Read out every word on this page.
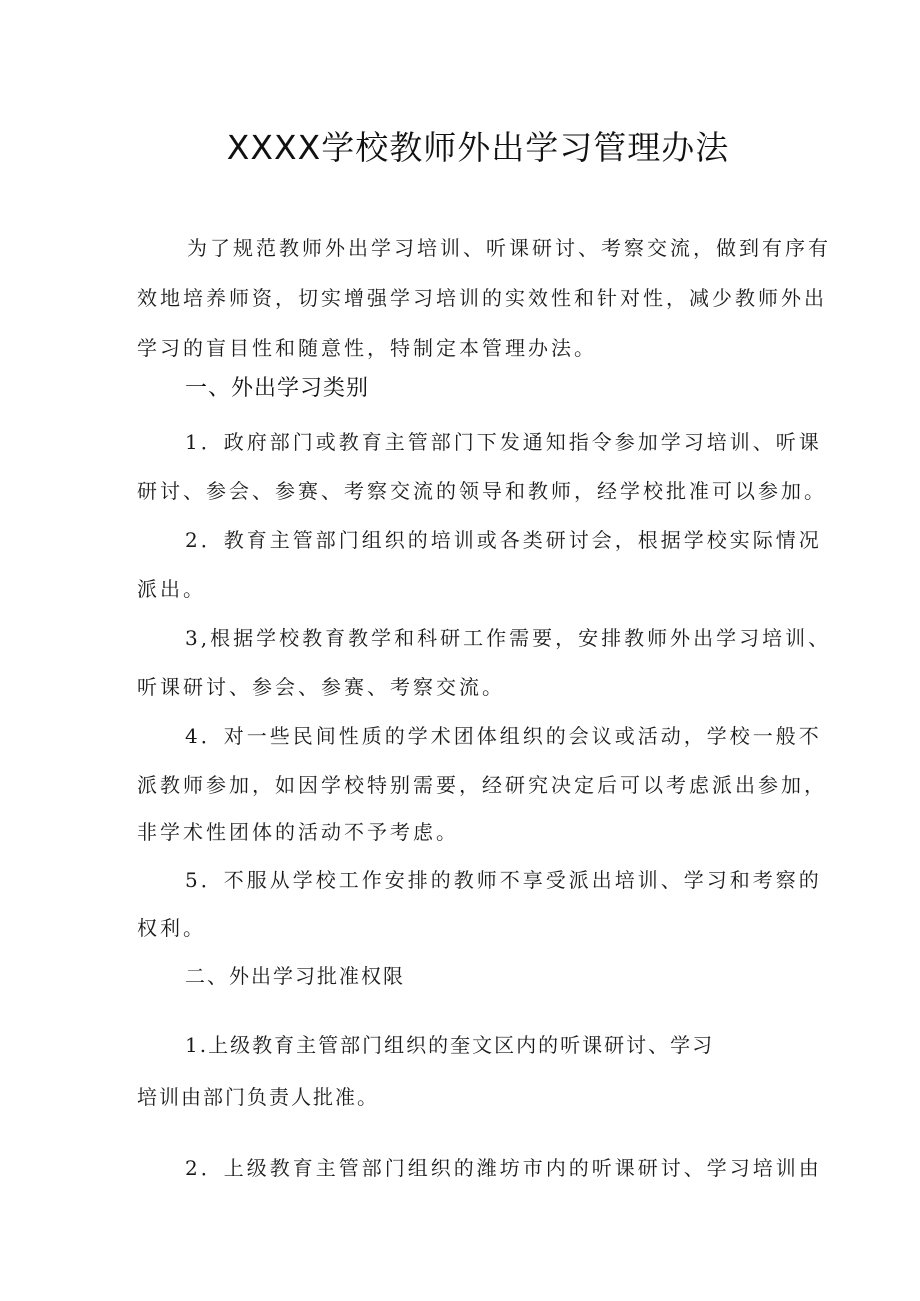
XXXX学校教师外出学习管理办法
为了规范教师外出学习培训、听课研讨、考察交流，做到有序有
效地培养师资，切实增强学习培训的实效性和针对性，减少教师外出
学习的盲目性和随意性，特制定本管理办法。
一、外出学习类别
1．政府部门或教育主管部门下发通知指令参加学习培训、听课
研讨、参会、参赛、考察交流的领导和教师，经学校批准可以参加。
2．教育主管部门组织的培训或各类研讨会，根据学校实际情况
派出。
3,根据学校教育教学和科研工作需要，安排教师外出学习培训、
听课研讨、参会、参赛、考察交流。
4．对一些民间性质的学术团体组织的会议或活动，学校一般不
派教师参加，如因学校特别需要，经研究决定后可以考虑派出参加，
非学术性团体的活动不予考虑。
5．不服从学校工作安排的教师不享受派出培训、学习和考察的
权利。
二、外出学习批准权限
1.上级教育主管部门组织的奎文区内的听课研讨、学习
培训由部门负责人批准。
2．上级教育主管部门组织的潍坊市内的听课研讨、学习培训由
